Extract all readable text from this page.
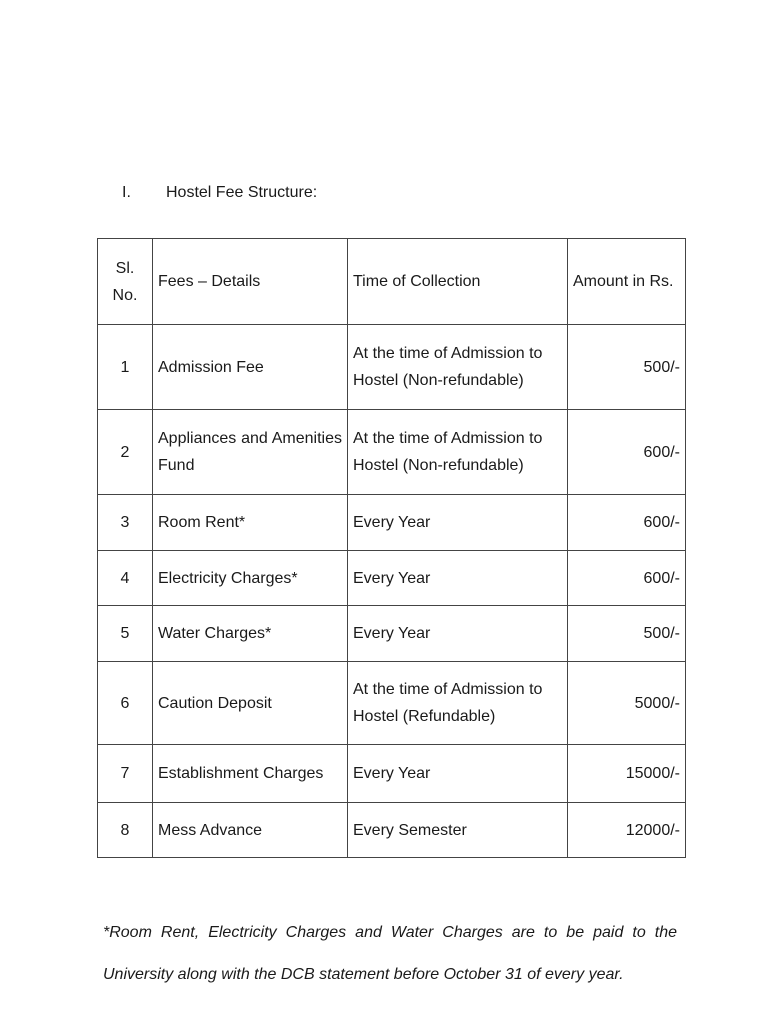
I.	Hostel Fee Structure:
Sl. No.	Fees – Details	Time of Collection	Amount in Rs.
1	Admission Fee	At the time of Admission to Hostel (Non-refundable)	500/-
2	Appliances and Amenities Fund	At the time of Admission to Hostel (Non-refundable)	600/-
3	Room Rent*	Every Year	600/-
4	Electricity Charges*	Every Year	600/-
5	Water Charges*	Every Year	500/-
6	Caution Deposit	At the time of Admission to Hostel (Refundable)	5000/-
7	Establishment Charges	Every Year	15000/-
8	Mess Advance	Every Semester	12000/-
*Room Rent, Electricity Charges and Water Charges are to be paid to the University along with the DCB statement before October 31 of every year.
